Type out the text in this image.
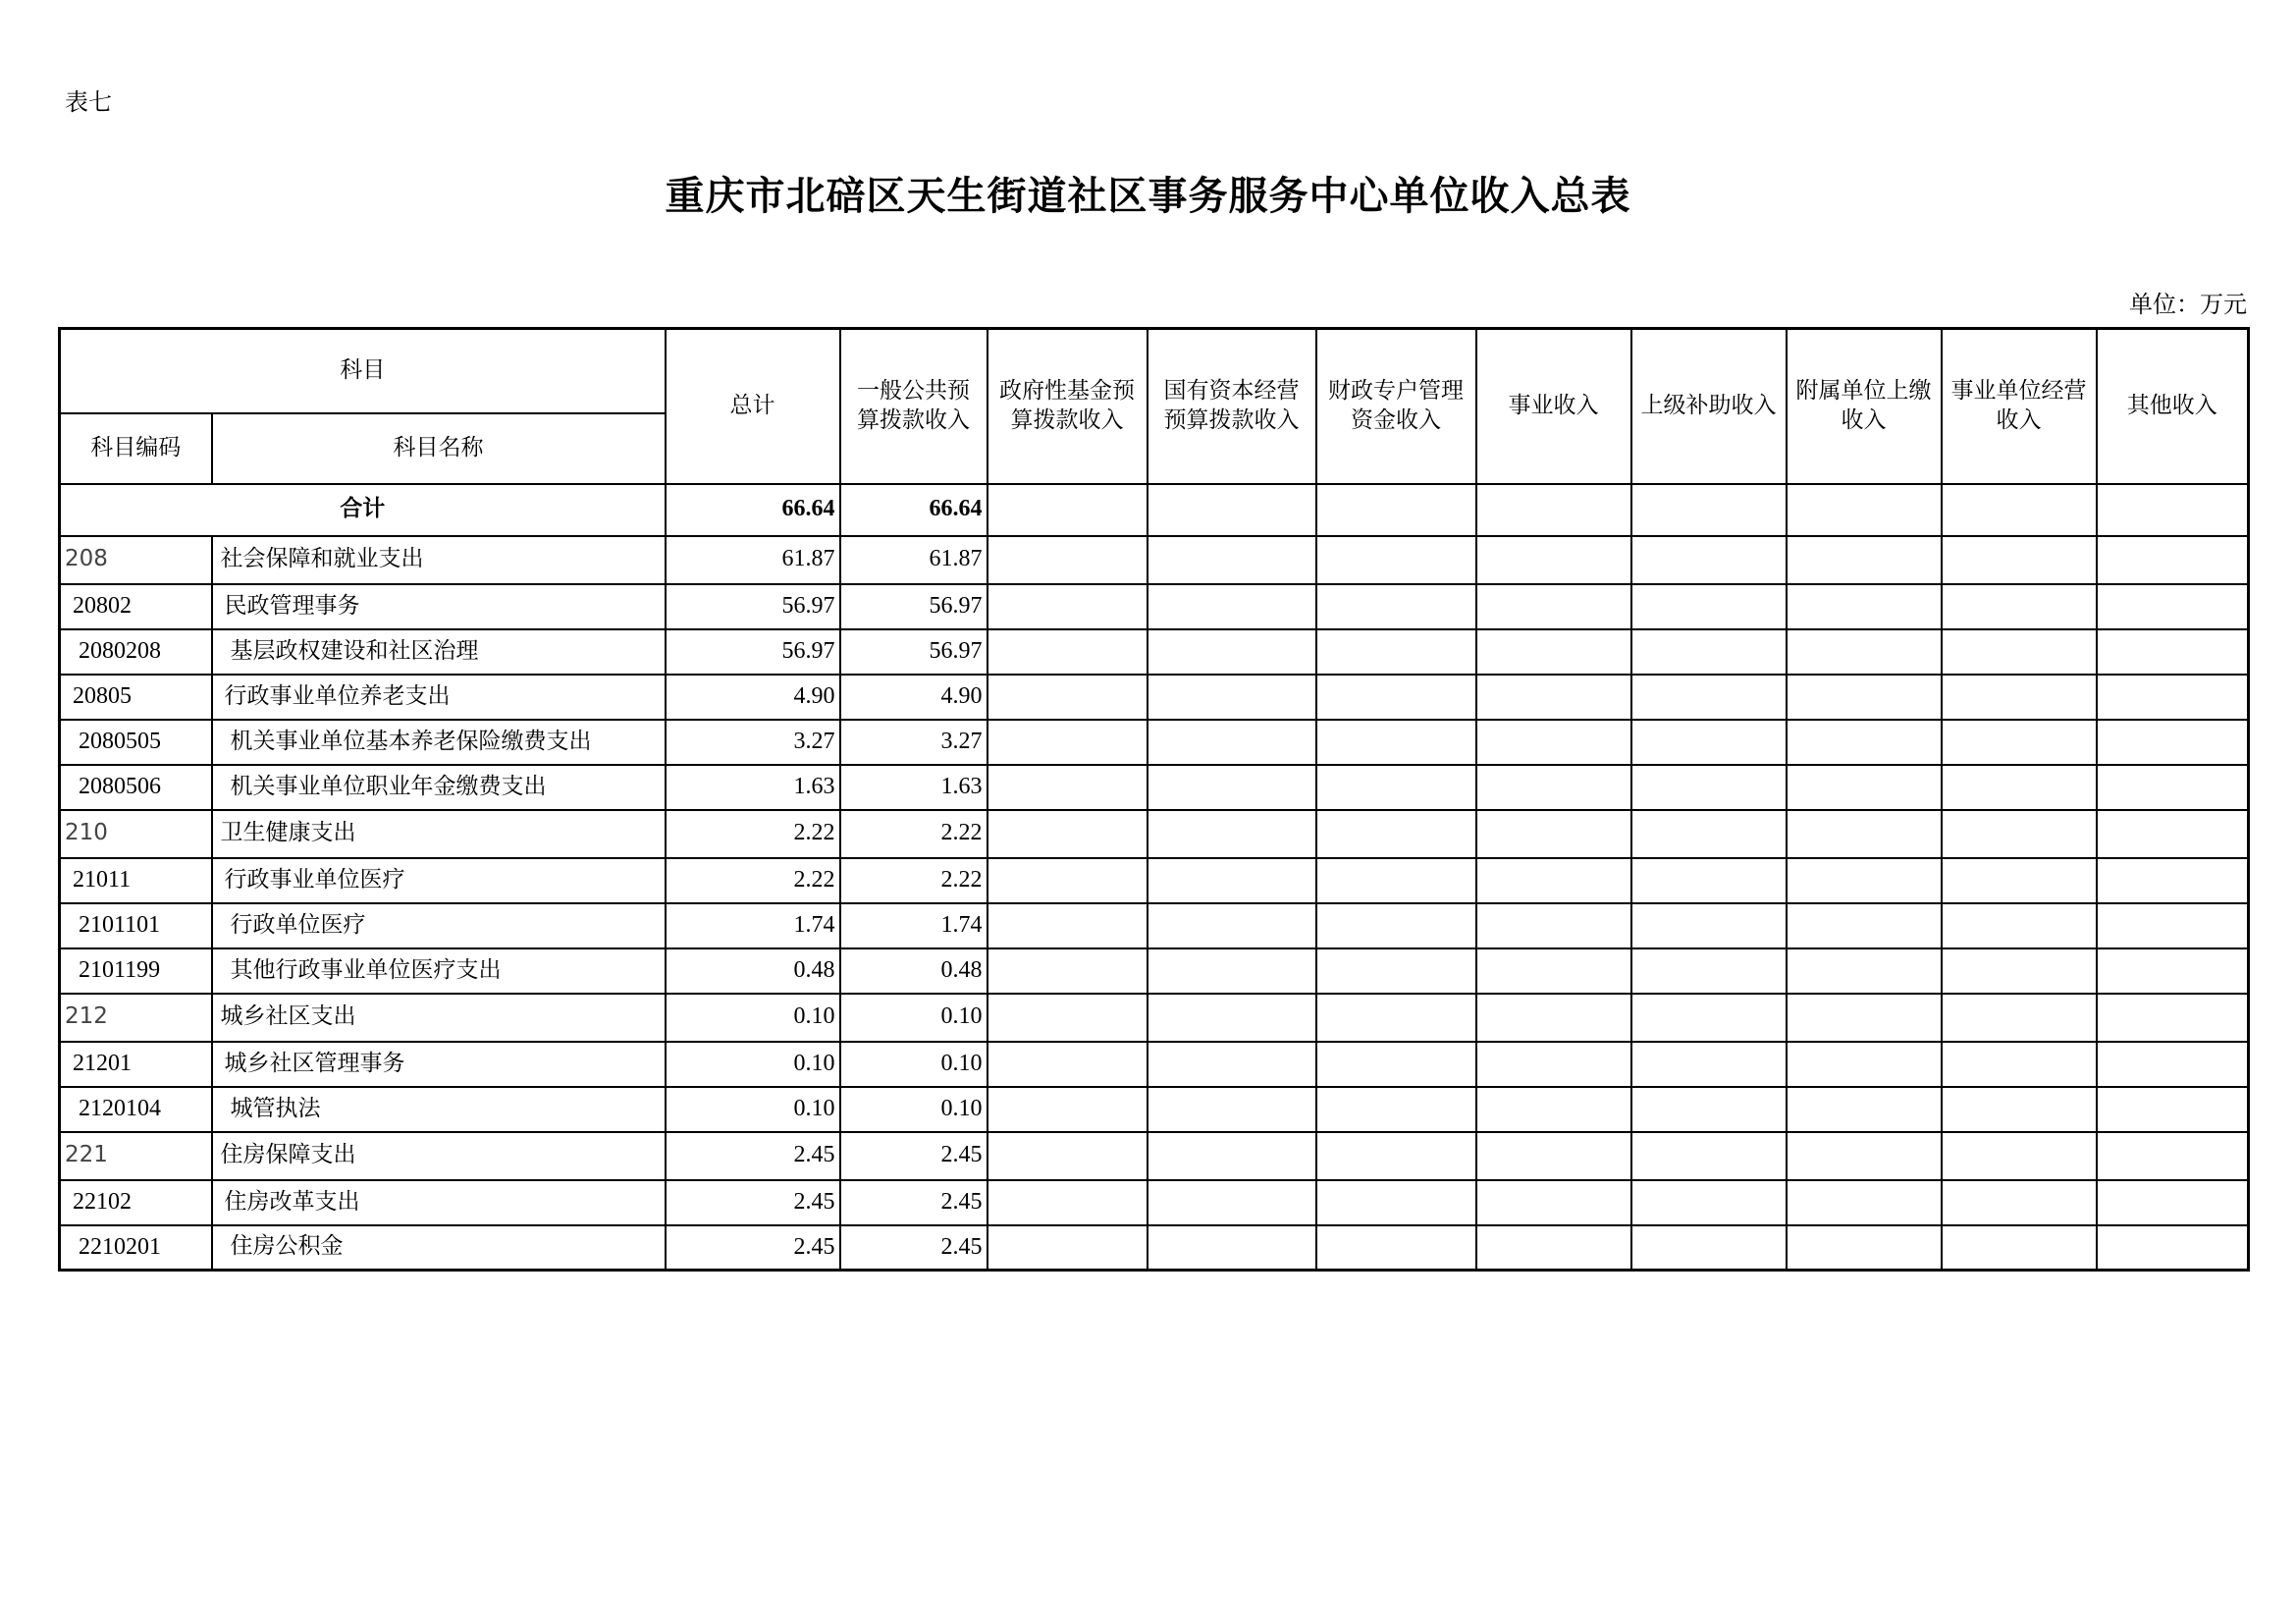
表七
重庆市北碚区天生街道社区事务服务中心单位收入总表
单位：万元
科目		总计	一般公共预算拨款收入	政府性基金预算拨款收入	国有资本经营预算拨款收入	财政专户管理资金收入	事业收入	上级补助收入	附属单位上缴收入	事业单位经营收入	其他收入
科目编码	科目名称										
合计		66.64	66.64								
208	社会保障和就业支出	61.87	61.87								
20802	民政管理事务	56.97	56.97								
2080208	基层政权建设和社区治理	56.97	56.97								
20805	行政事业单位养老支出	4.90	4.90								
2080505	机关事业单位基本养老保险缴费支出	3.27	3.27								
2080506	机关事业单位职业年金缴费支出	1.63	1.63								
210	卫生健康支出	2.22	2.22								
21011	行政事业单位医疗	2.22	2.22								
2101101	行政单位医疗	1.74	1.74								
2101199	其他行政事业单位医疗支出	0.48	0.48								
212	城乡社区支出	0.10	0.10								
21201	城乡社区管理事务	0.10	0.10								
2120104	城管执法	0.10	0.10								
221	住房保障支出	2.45	2.45								
22102	住房改革支出	2.45	2.45								
2210201	住房公积金	2.45	2.45								
